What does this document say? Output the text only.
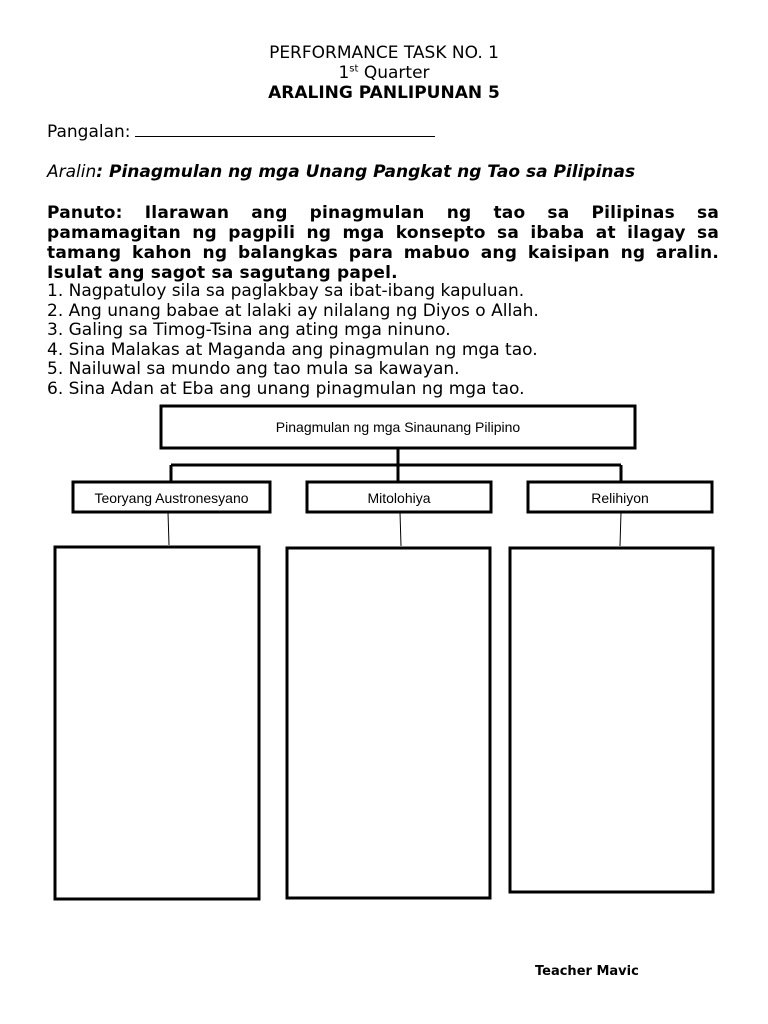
PERFORMANCE TASK NO. 1
1st Quarter
ARALING PANLIPUNAN 5
Pangalan:
Aralin: Pinagmulan ng mga Unang Pangkat ng Tao sa Pilipinas
Panuto: Ilarawan ang pinagmulan ng tao sa Pilipinas sa pamamagitan ng pagpili ng mga konsepto sa ibaba at ilagay sa tamang kahon ng balangkas para mabuo ang kaisipan ng aralin. Isulat ang sagot sa sagutang papel.
1. Nagpatuloy sila sa paglakbay sa ibat-ibang kapuluan.
2. Ang unang babae at lalaki ay nilalang ng Diyos o Allah.
3. Galing sa Timog-Tsina ang ating mga ninuno.
4. Sina Malakas at Maganda ang pinagmulan ng mga tao.
5. Nailuwal sa mundo ang tao mula sa kawayan.
6. Sina Adan at Eba ang unang pinagmulan ng mga tao.
Pinagmulan ng mga Sinaunang Pilipino
Teoryang Austronesyano	Mitolohiya	Relihiyon
Teacher Mavic
